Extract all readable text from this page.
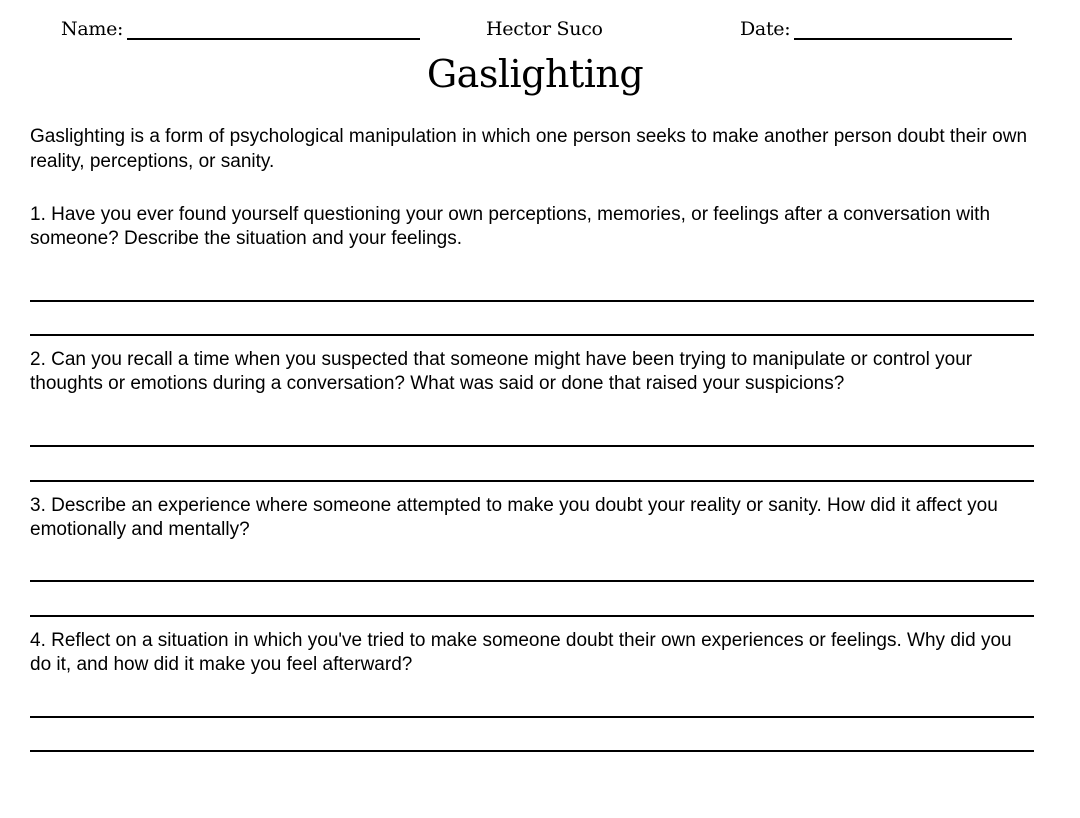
Name:	Hector Suco	Date:
Gaslighting

Gaslighting is a form of psychological manipulation in which one person seeks to make another person doubt their own reality, perceptions, or sanity.

1. Have you ever found yourself questioning your own perceptions, memories, or feelings after a conversation with someone? Describe the situation and your feelings.

2. Can you recall a time when you suspected that someone might have been trying to manipulate or control your thoughts or emotions during a conversation? What was said or done that raised your suspicions?

3. Describe an experience where someone attempted to make you doubt your reality or sanity. How did it affect you emotionally and mentally?

4. Reflect on a situation in which you've tried to make someone doubt their own experiences or feelings. Why did you do it, and how did it make you feel afterward?
